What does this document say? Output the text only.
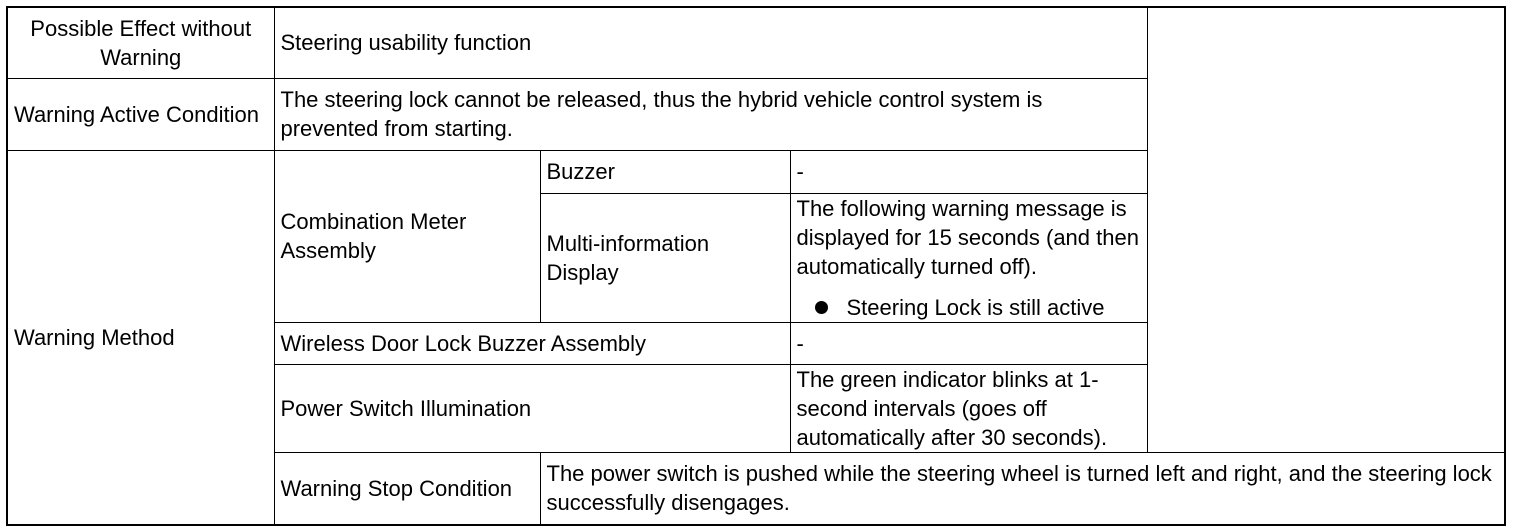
Possible Effect without Warning	Steering usability function		
Warning Active Condition	The steering lock cannot be released, thus the hybrid vehicle control system is prevented from starting.		
Warning Method	Combination Meter Assembly	Buzzer	-
		Multi-information Display	The following warning message is displayed for 15 seconds (and then automatically turned off).
Steering Lock is still active

	Wireless Door Lock Buzzer Assembly		-
	Power Switch Illumination		The green indicator blinks at 1-second intervals (goes off automatically after 30 seconds).
	Warning Stop Condition	The power switch is pushed while the steering wheel is turned left and right, and the steering lock successfully disengages.	
